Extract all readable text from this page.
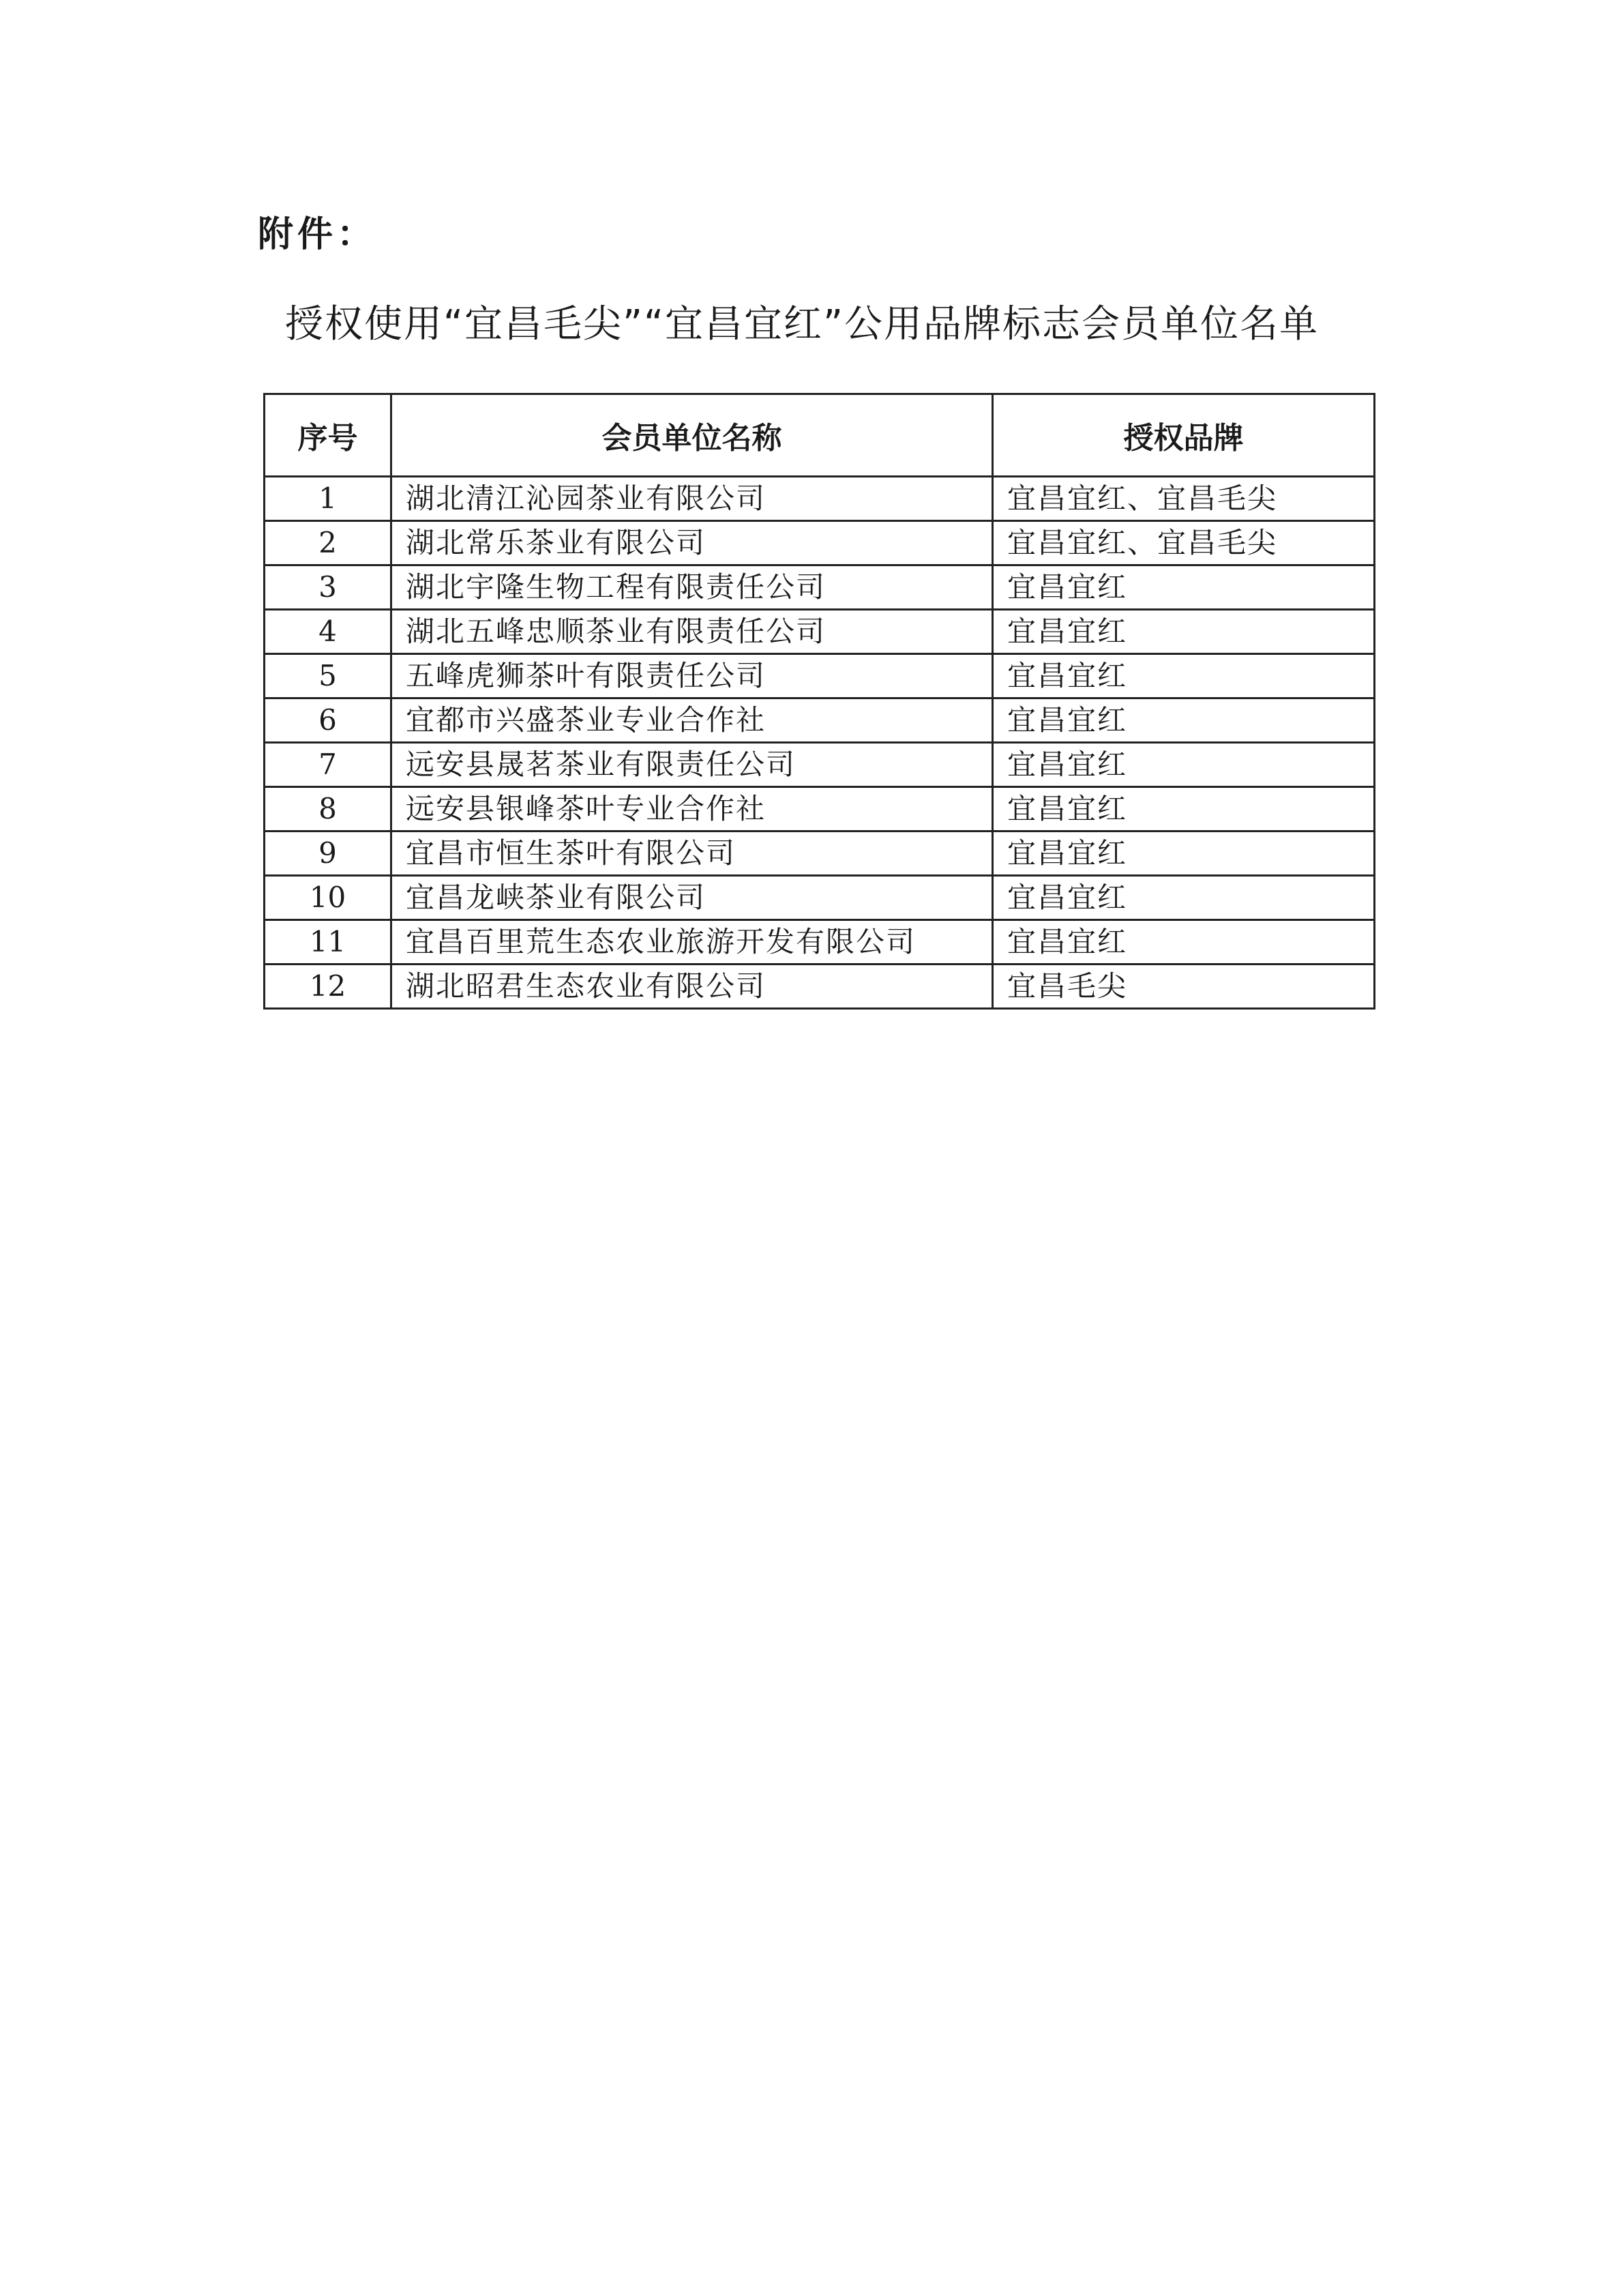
附件：
授权使用“宜昌毛尖”“宜昌宜红”公用品牌标志会员单位名单
序号	会员单位名称	授权品牌
1	湖北清江沁园茶业有限公司	宜昌宜红、宜昌毛尖
2	湖北常乐茶业有限公司	宜昌宜红、宜昌毛尖
3	湖北宇隆生物工程有限责任公司	宜昌宜红
4	湖北五峰忠顺茶业有限责任公司	宜昌宜红
5	五峰虎狮茶叶有限责任公司	宜昌宜红
6	宜都市兴盛茶业专业合作社	宜昌宜红
7	远安县晟茗茶业有限责任公司	宜昌宜红
8	远安县银峰茶叶专业合作社	宜昌宜红
9	宜昌市恒生茶叶有限公司	宜昌宜红
10	宜昌龙峡茶业有限公司	宜昌宜红
11	宜昌百里荒生态农业旅游开发有限公司	宜昌宜红
12	湖北昭君生态农业有限公司	宜昌毛尖
